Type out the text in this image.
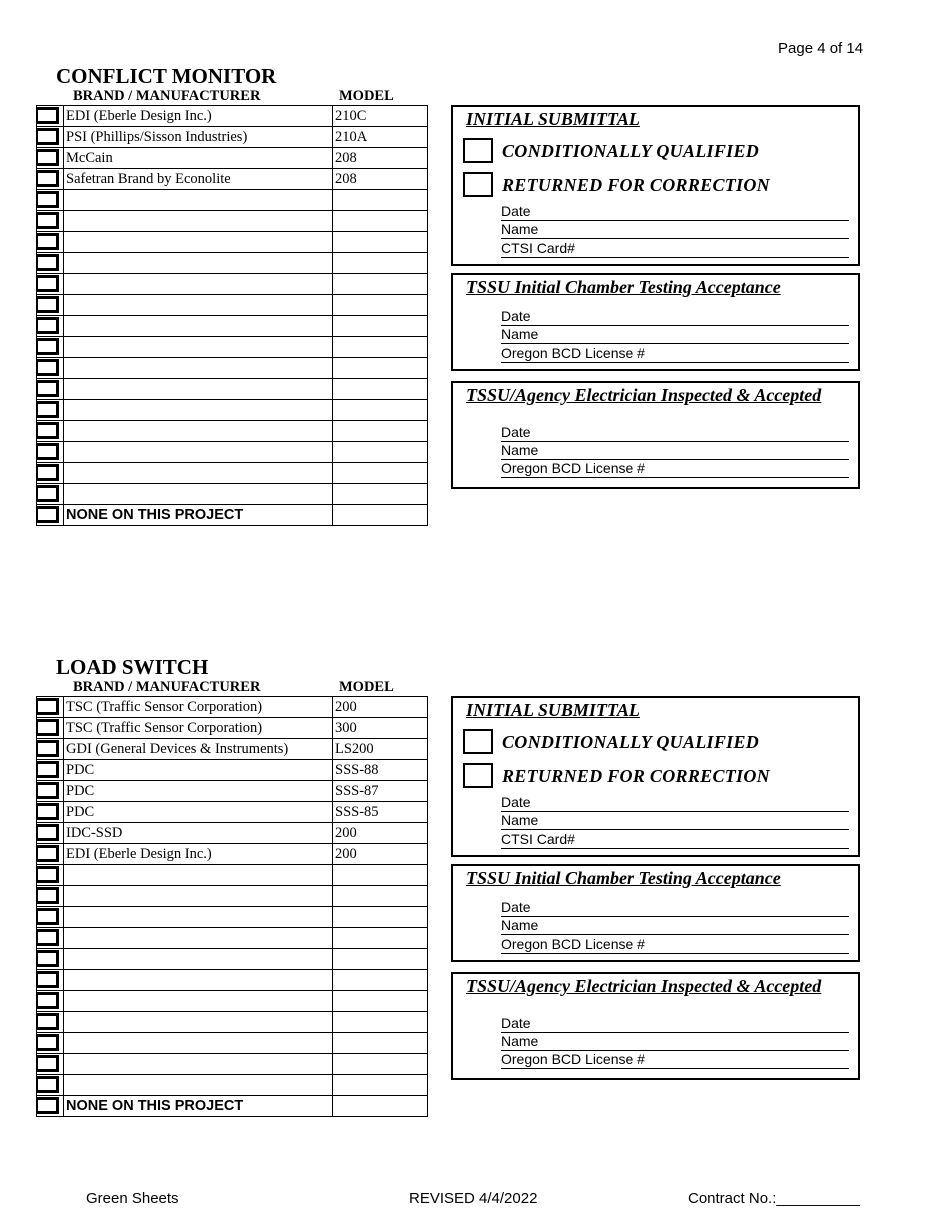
Page 4 of 14
CONFLICT MONITOR
BRAND / MANUFACTURER	MODEL
	EDI (Eberle Design Inc.)	210C

	PSI (Phillips/Sisson Industries)	210A

	McCain	208

	Safetran Brand by Econolite	208

	NONE ON THIS PROJECT	
INITIAL SUBMITTAL
CONDITIONALLY QUALIFIED
RETURNED FOR CORRECTION
Date
Name
CTSI Card#
TSSU Initial Chamber Testing Acceptance
Date
Name
Oregon BCD License #
TSSU/Agency Electrician Inspected & Accepted
Date
Name
Oregon BCD License #
LOAD SWITCH
BRAND / MANUFACTURER	MODEL
	TSC (Traffic Sensor Corporation)	200

	TSC (Traffic Sensor Corporation)	300

	GDI (General Devices & Instruments)	LS200

	PDC	SSS-88

	PDC	SSS-87

	PDC	SSS-85

	IDC-SSD	200

	EDI (Eberle Design Inc.)	200

	NONE ON THIS PROJECT	
INITIAL SUBMITTAL
CONDITIONALLY QUALIFIED
RETURNED FOR CORRECTION
Date
Name
CTSI Card#
TSSU Initial Chamber Testing Acceptance
Date
Name
Oregon BCD License #
TSSU/Agency Electrician Inspected & Accepted
Date
Name
Oregon BCD License #
Green Sheets	REVISED 4/4/2022	Contract No.:__________
